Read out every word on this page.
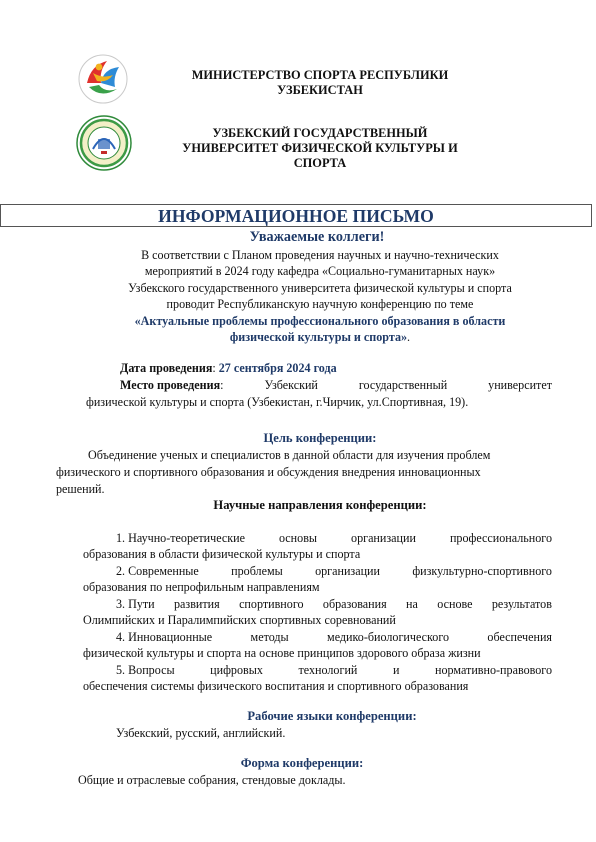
МИНИСТЕРСТВО СПОРТА РЕСПУБЛИКИ
УЗБЕКИСТАН
УЗБЕКСКИЙ ГОСУДАРСТВЕННЫЙ
УНИВЕРСИТЕТ ФИЗИЧЕСКОЙ КУЛЬТУРЫ И
СПОРТА
ИНФОРМАЦИОННОЕ ПИСЬМО
Уважаемые коллеги!
В соответствии с Планом проведения научных и научно-технических
мероприятий в 2024 году кафедра «Социально-гуманитарных наук»
Узбекского государственного университета физической культуры и спорта
проводит Республиканскую научную конференцию по теме
«Актуальные проблемы профессионального образования в области
физической культуры и спорта».
Дата проведения: 27 сентября 2024 года
Место проведения :	Узбекский	государственный	университет
физической культуры и спорта (Узбекистан, г.Чирчик, ул.Спортивная, 19).
Цель конференции:
Объединение ученых и специалистов в данной области для изучения проблем
физического и спортивного образования и обсуждения внедрения инновационных
решений.
Научные направления конференции:
1. Научно-теоретические	основы	организации	профессионального
образования в области физической культуры и спорта
2. Современные	проблемы	организации	физкультурно-спортивного
образования по непрофильным направлениям
3. Пути развития спортивного образования на основе результатов
Олимпийских и Паралимпийских спортивных соревнований
4. Инновационные	методы	медико-биологического	обеспечения
физической культуры и спорта на основе принципов здорового образа жизни
5. Вопросы	цифровых	технологий	и	нормативно-правового
обеспечения системы физического воспитания и спортивного образования
Рабочие языки конференции:
Узбекский, русский, английский.
Форма конференции:
Общие и отраслевые собрания, стендовые доклады.
